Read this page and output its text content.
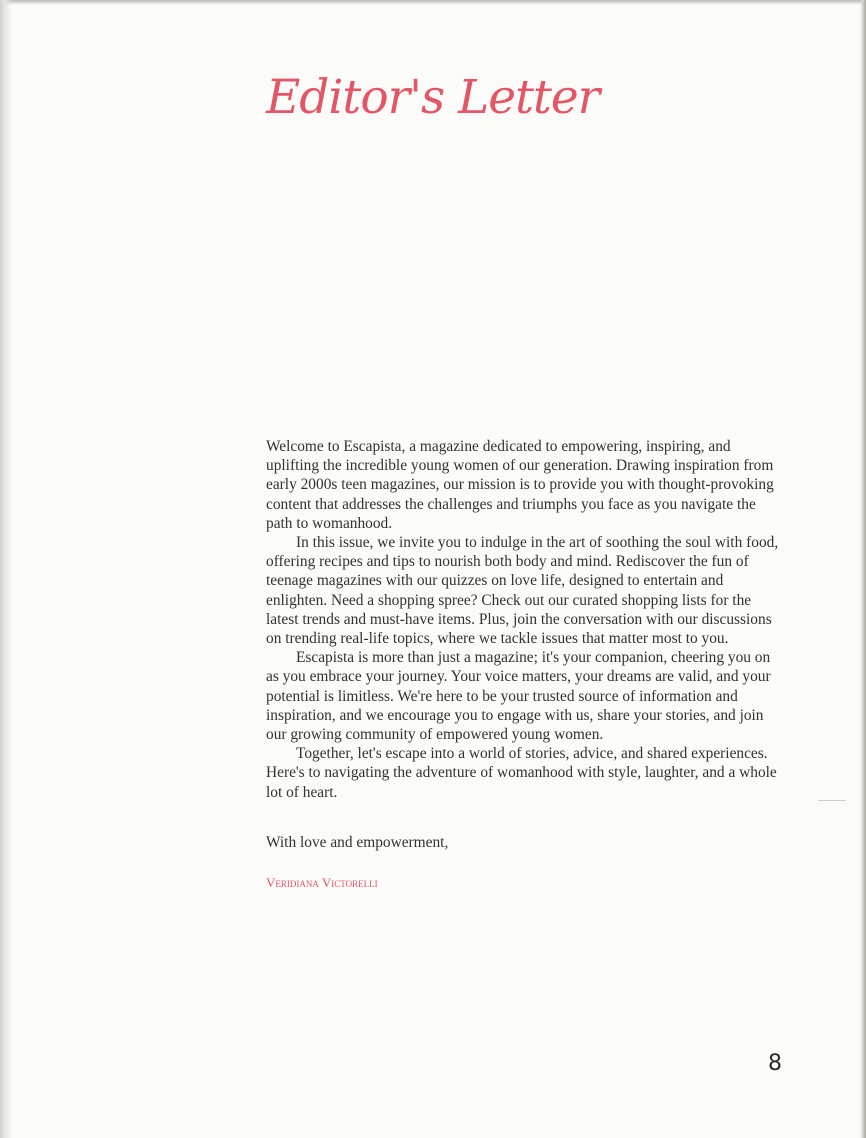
Editor's Letter

Welcome to Escapista, a magazine dedicated to empowering, inspiring, and uplifting the incredible young women of our generation. Drawing inspiration from early 2000s teen magazines, our mission is to provide you with thought-provoking content that addresses the challenges and triumphs you face as you navigate the path to womanhood.

In this issue, we invite you to indulge in the art of soothing the soul with food, offering recipes and tips to nourish both body and mind. Rediscover the fun of teenage magazines with our quizzes on love life, designed to entertain and enlighten. Need a shopping spree? Check out our curated shopping lists for the latest trends and must-have items. Plus, join the conversation with our discussions on trending real-life topics, where we tackle issues that matter most to you.

Escapista is more than just a magazine; it's your companion, cheering you on as you embrace your journey. Your voice matters, your dreams are valid, and your potential is limitless. We're here to be your trusted source of information and inspiration, and we encourage you to engage with us, share your stories, and join our growing community of empowered young women.

Together, let's escape into a world of stories, advice, and shared experiences. Here's to navigating the adventure of womanhood with style, laughter, and a whole lot of heart.

With love and empowerment,

Veridiana Victorelli

8
